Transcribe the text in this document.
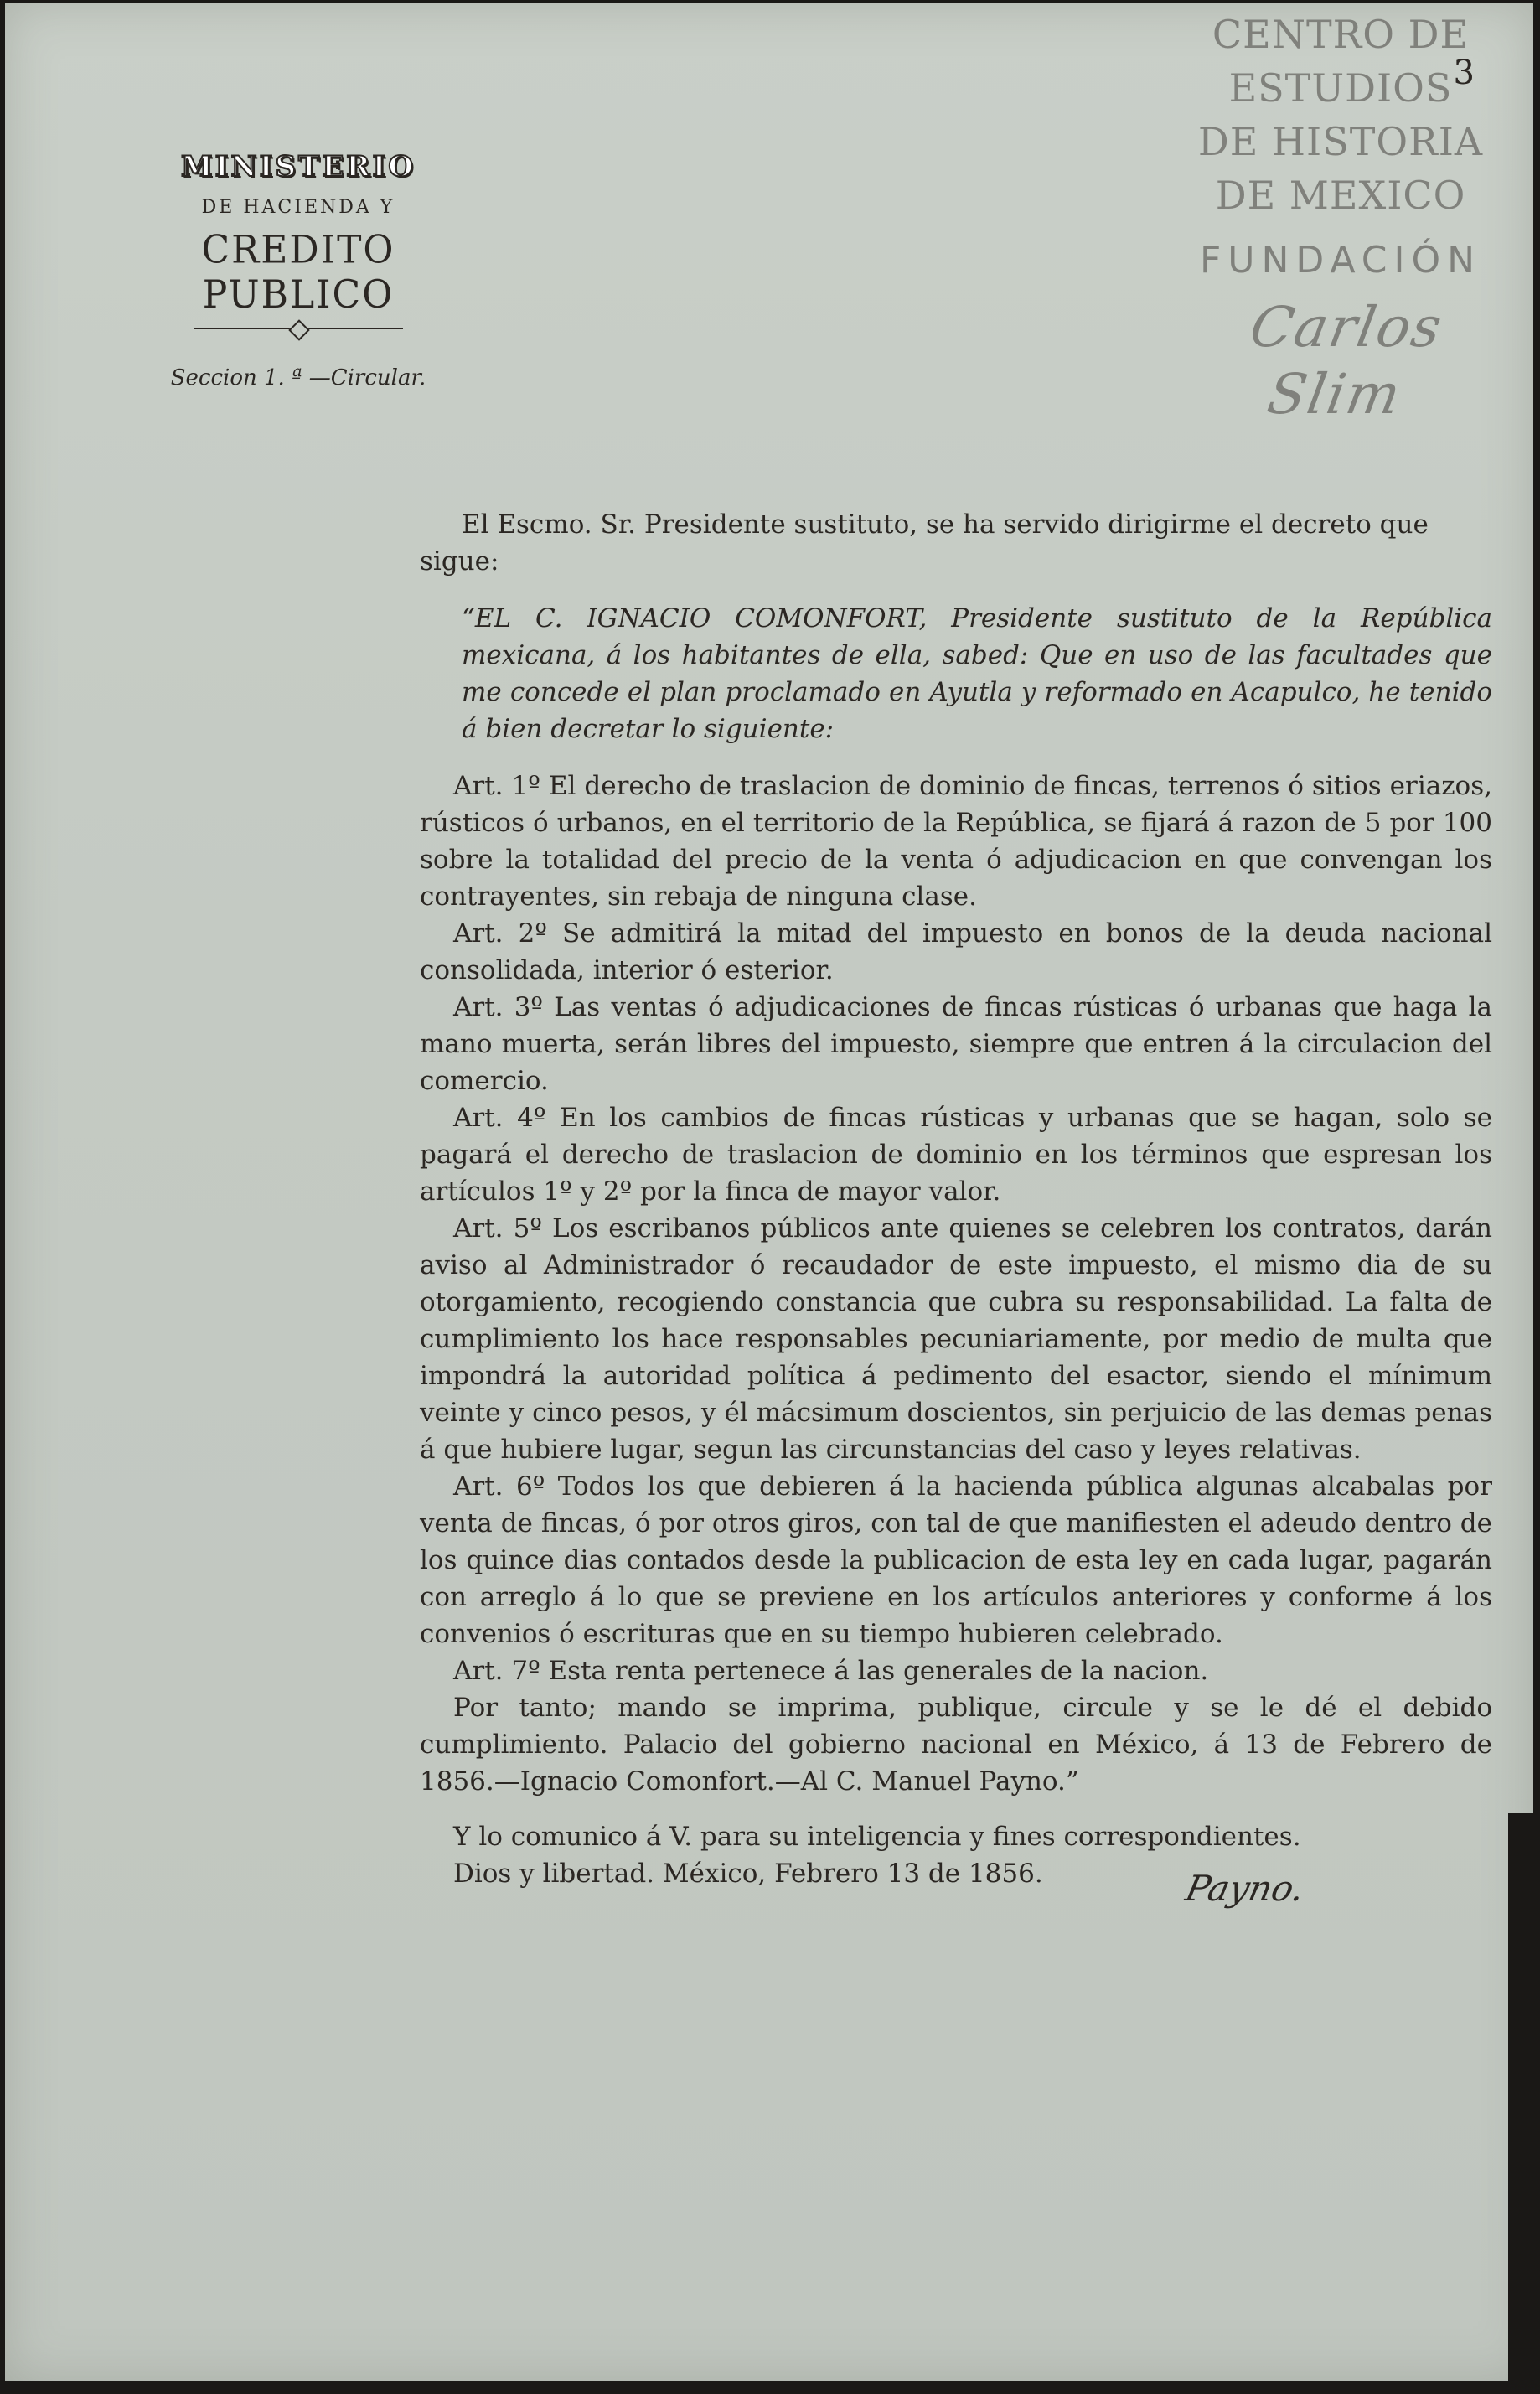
MINISTERIO
DE HACIENDA Y
CREDITO PUBLICO
Seccion 1. ª —Circular.
CENTRO DE
ESTUDIOS
DE HISTORIA
DE MEXICO
FUNDACIÓN
Carlos Slim
3

El Escmo. Sr. Presidente sustituto, se ha servido dirigirme el decreto que sigue:

“EL C. IGNACIO COMONFORT, Presidente sustituto de la República mexicana, á los habitantes de ella, sabed: Que en uso de las facultades que me concede el plan proclamado en Ayutla y reformado en Acapulco, he tenido á bien decretar lo siguiente:

Art. 1º El derecho de traslacion de dominio de fincas, terrenos ó sitios eriazos, rústicos ó urbanos, en el territorio de la República, se fijará á razon de 5 por 100 sobre la totalidad del precio de la venta ó adjudicacion en que convengan los contrayentes, sin rebaja de ninguna clase.

Art. 2º Se admitirá la mitad del impuesto en bonos de la deuda nacional consolidada, interior ó esterior.

Art. 3º Las ventas ó adjudicaciones de fincas rústicas ó urbanas que haga la mano muerta, serán libres del impuesto, siempre que entren á la circulacion del comercio.

Art. 4º En los cambios de fincas rústicas y urbanas que se hagan, solo se pagará el derecho de traslacion de dominio en los términos que espresan los artículos 1º y 2º por la finca de mayor valor.

Art. 5º Los escribanos públicos ante quienes se celebren los contratos, darán aviso al Administrador ó recaudador de este impuesto, el mismo dia de su otorgamiento, recogiendo constancia que cubra su responsabilidad. La falta de cumplimiento los hace responsables pecuniariamente, por medio de multa que impondrá la autoridad política á pedimento del esactor, siendo el mínimum veinte y cinco pesos, y él mácsimum doscientos, sin perjuicio de las demas penas á que hubiere lugar, segun las circunstancias del caso y leyes relativas.

Art. 6º Todos los que debieren á la hacienda pública algunas alcabalas por venta de fincas, ó por otros giros, con tal de que manifiesten el adeudo dentro de los quince dias contados desde la publicacion de esta ley en cada lugar, pagarán con arreglo á lo que se previene en los artículos anteriores y conforme á los convenios ó escrituras que en su tiempo hubieren celebrado.

Art. 7º Esta renta pertenece á las generales de la nacion.

Por tanto; mando se imprima, publique, circule y se le dé el debido cumplimiento. Palacio del gobierno nacional en México, á 13 de Febrero de 1856.—Ignacio Comonfort.—Al C. Manuel Payno.”

Y lo comunico á V. para su inteligencia y fines correspondientes.

Dios y libertad. México, Febrero 13 de 1856.	Payno.
